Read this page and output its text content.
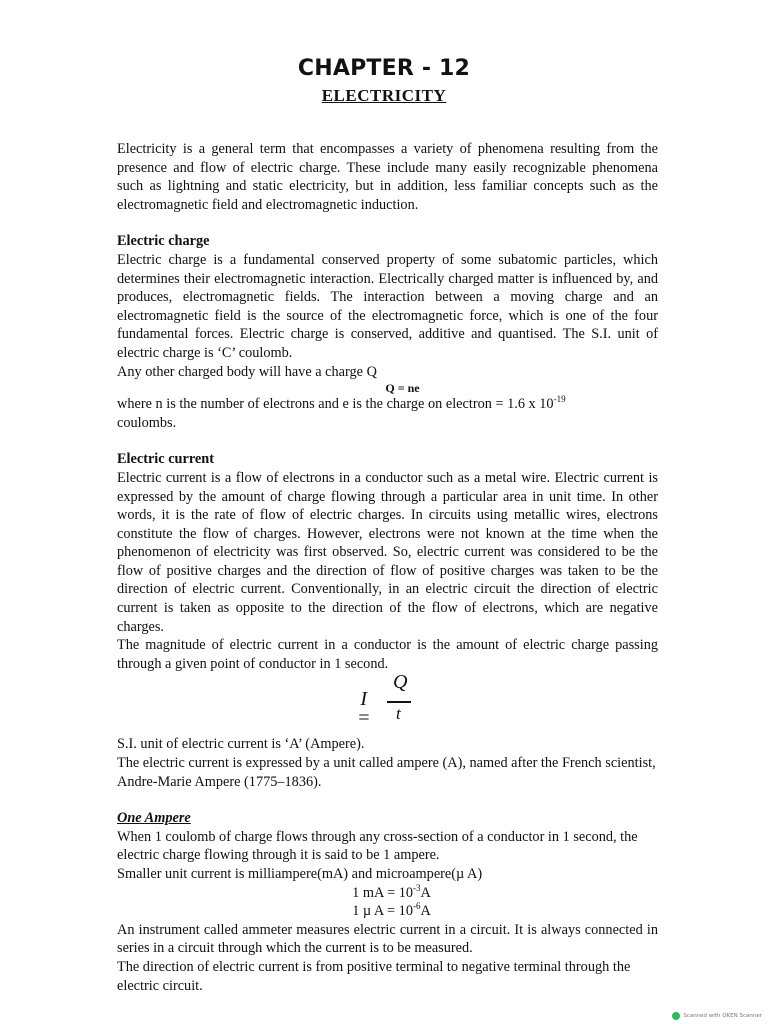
CHAPTER - 12
ELECTRICITY

Electricity is a general term that encompasses a variety of phenomena resulting from the presence and flow of electric charge. These include many easily recognizable phenomena such as lightning and static electricity, but in addition, less familiar concepts such as the electromagnetic field and electromagnetic induction.

Electric charge

Electric charge is a fundamental conserved property of some subatomic particles, which determines their electromagnetic interaction. Electrically charged matter is influenced by, and produces, electromagnetic fields. The interaction between a moving charge and an electromagnetic field is the source of the electromagnetic force, which is one of the four fundamental forces. Electric charge is conserved, additive and quantised. The S.I. unit of electric charge is ‘C’ coulomb.

Any other charged body will have a charge Q

Q = ne

where n is the number of electrons and e is the charge on electron = 1.6 x $10^{-19}$

coulombs.

Electric current

Electric current is a flow of electrons in a conductor such as a metal wire. Electric current is expressed by the amount of charge flowing through a particular area in unit time. In other words, it is the rate of flow of electric charges. In circuits using metallic wires, electrons constitute the flow of charges. However, electrons were not known at the time when the phenomenon of electricity was first observed. So, electric current was considered to be the flow of positive charges and the direction of flow of positive charges was taken to be the direction of electric current. Conventionally, in an electric circuit the direction of electric current is taken as opposite to the direction of the flow of electrons, which are negative charges.

The magnitude of electric current in a conductor is the amount of electric charge passing through a given point of conductor in 1 second.

I =
Q
t

S.I. unit of electric current is ‘A’ (Ampere).

The electric current is expressed by a unit called ampere (A), named after the French scientist, Andre-Marie Ampere (1775–1836).

One Ampere

When 1 coulomb of charge flows through any cross-section of a conductor in 1 second, the electric charge flowing through it is said to be 1 ampere.

Smaller unit current is milliampere(mA) and microampere(µ A)

1 mA = $10^{-3}A$
1 µ $A = 10^{-6}A$

An instrument called ammeter measures electric current in a circuit. It is always connected in series in a circuit through which the current is to be measured.

The direction of electric current is from positive terminal to negative terminal through the electric circuit.

Scanned with OKEN Scanner
